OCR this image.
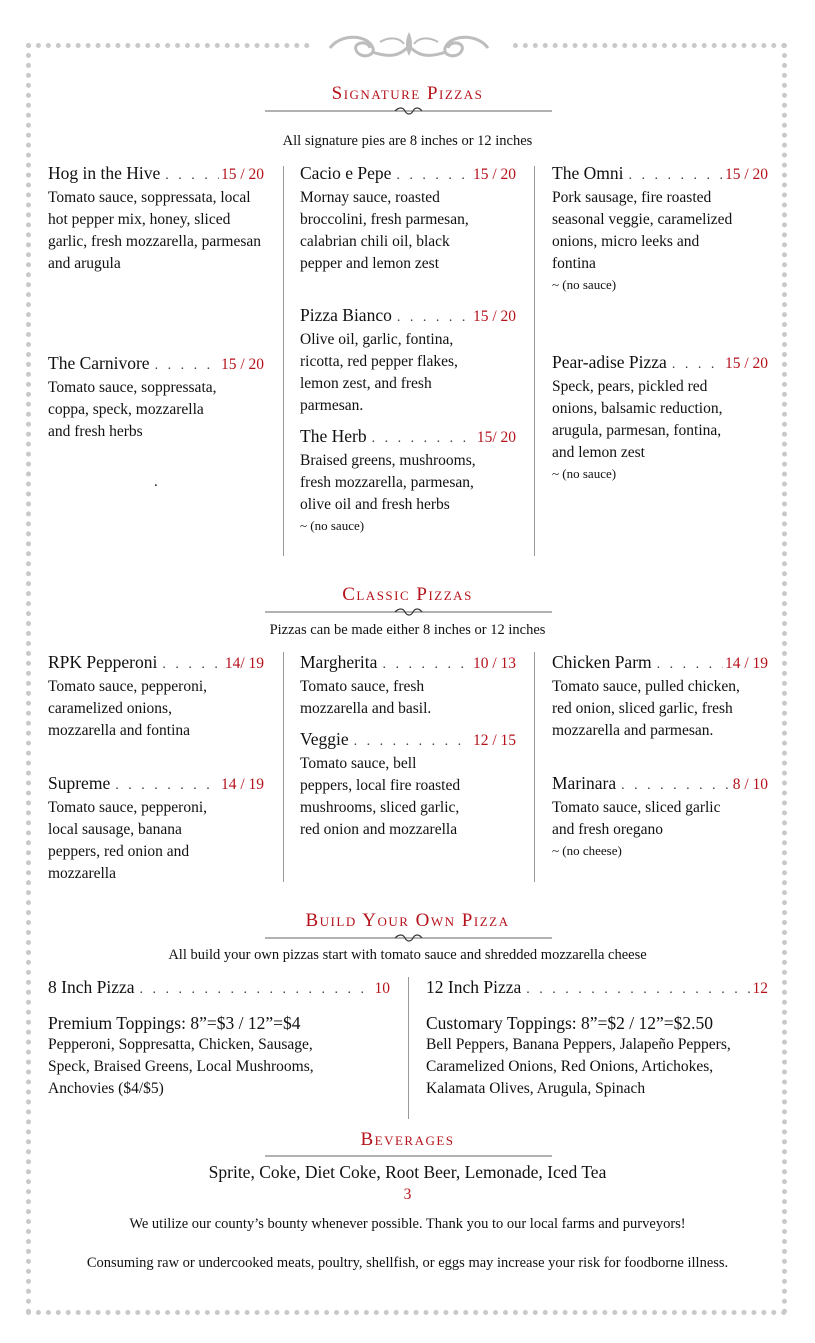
Signature Pizzas
All signature pies are 8 inches or 12 inches
Hog in the Hive . . .	15 / 20
Tomato sauce, soppressata, local hot pepper mix, honey, sliced garlic, fresh mozzarella, parmesan and arugula
The Carnivore . . .	15 / 20
Tomato sauce, soppressata, coppa, speck, mozzarella and fresh herbs
.
Cacio e Pepe . . .	15 / 20
Mornay sauce, roasted broccolini, fresh parmesan, calabrian chili oil, black pepper and lemon zest
Pizza Bianco . . .	15 / 20
Olive oil, garlic, fontina, ricotta, red pepper flakes, lemon zest, and fresh parmesan.
The Herb . . .	15/ 20
Braised greens, mushrooms, fresh mozzarella, parmesan, olive oil and fresh herbs
~ (no sauce)
The Omni . . .	15 / 20
Pork sausage, fire roasted seasonal veggie, caramelized onions, micro leeks and fontina
~ (no sauce)
Pear-adise Pizza . . .	15 / 20
Speck, pears, pickled red onions, balsamic reduction, arugula, parmesan, fontina, and lemon zest
~ (no sauce)
Classic Pizzas
Pizzas can be made either 8 inches or 12 inches
RPK Pepperoni . . .	14/ 19
Tomato sauce, pepperoni, caramelized onions, mozzarella and fontina
Supreme . . .	14 / 19
Tomato sauce, pepperoni, local sausage, banana peppers, red onion and mozzarella
Margherita . . .	10 / 13
Tomato sauce, fresh mozzarella and basil.
Veggie . . .	12 / 15
Tomato sauce, bell peppers, local fire roasted mushrooms, sliced garlic, red onion and mozzarella
Chicken Parm . . .	14 / 19
Tomato sauce, pulled chicken, red onion, sliced garlic, fresh mozzarella and parmesan.
Marinara . . .	8 / 10
Tomato sauce, sliced garlic and fresh oregano
~ (no cheese)
Build Your Own Pizza
All build your own pizzas start with tomato sauce and shredded mozzarella cheese
8 Inch Pizza . . .	10
Premium Toppings: 8”=$3 / 12”=$4
Pepperoni, Soppresatta, Chicken, Sausage, Speck, Braised Greens, Local Mushrooms, Anchovies ($4/$5)
12 Inch Pizza . . .	12
Customary Toppings: 8”=$2 / 12”=$2.50
Bell Peppers, Banana Peppers, Jalapeño Peppers, Caramelized Onions, Red Onions, Artichokes, Kalamata Olives, Arugula, Spinach
Beverages
Sprite, Coke, Diet Coke, Root Beer, Lemonade, Iced Tea
3
We utilize our county’s bounty whenever possible. Thank you to our local farms and purveyors!
Consuming raw or undercooked meats, poultry, shellfish, or eggs may increase your risk for foodborne illness.
